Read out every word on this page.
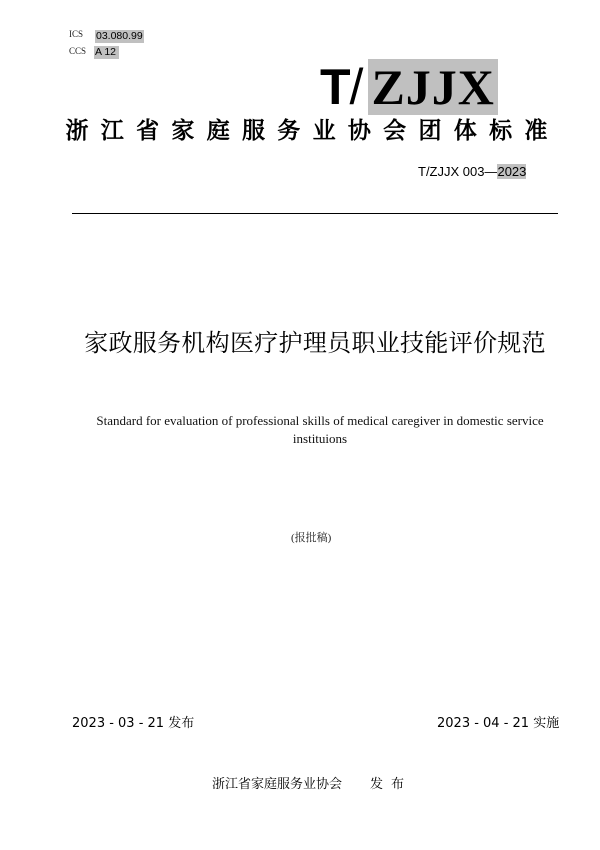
ICS 03.080.99
CCS A 12
T/ ZJJX
浙 江 省 家 庭 服 务 业 协 会 团 体 标 准
T/ZJJX 003—2023
家政服务机构医疗护理员职业技能评价规范
Standard for evaluation of professional skills of medical caregiver in domestic service instituions
(报批稿)
2023 - 03 - 21 发布	2023 - 04 - 21 实施
浙江省家庭服务业协会 发布
